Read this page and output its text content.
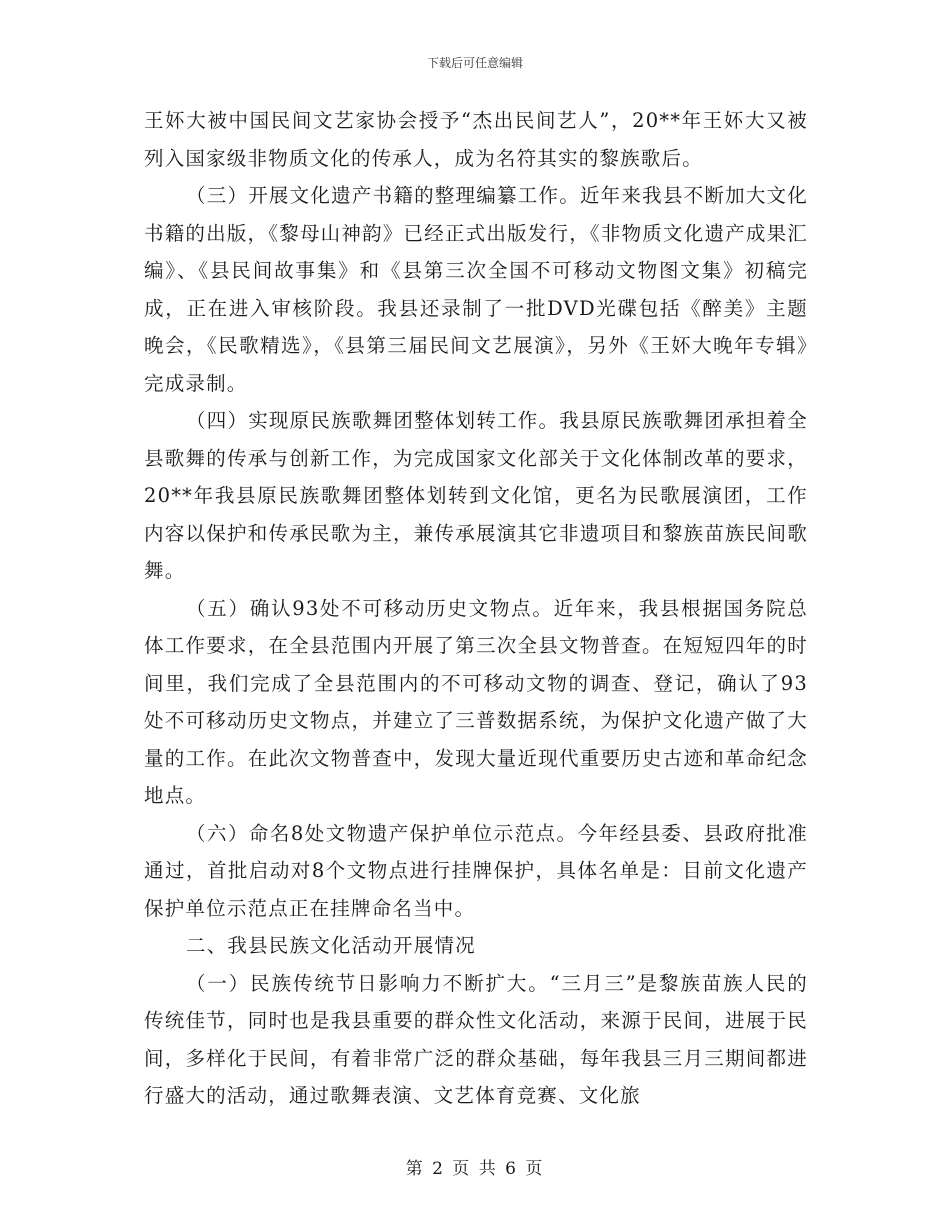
下载后可任意编辑

王妚大被中国民间文艺家协会授予“杰出民间艺人”，20**年王妚大又被列入国家级非物质文化的传承人，成为名符其实的黎族歌后。

（三）开展文化遗产书籍的整理编纂工作。近年来我县不断加大文化书籍的出版，《黎母山神韵》已经正式出版发行，《非物质文化遗产成果汇编》、《县民间故事集》和《县第三次全国不可移动文物图文集》初稿完成，正在进入审核阶段。我县还录制了一批DVD光碟包括《醉美》主题晚会，《民歌精选》，《县第三届民间文艺展演》，另外《王妚大晚年专辑》完成录制。

（四）实现原民族歌舞团整体划转工作。我县原民族歌舞团承担着全县歌舞的传承与创新工作，为完成国家文化部关于文化体制改革的要求，20**年我县原民族歌舞团整体划转到文化馆，更名为民歌展演团，工作内容以保护和传承民歌为主，兼传承展演其它非遗项目和黎族苗族民间歌舞。

（五）确认93处不可移动历史文物点。近年来，我县根据国务院总体工作要求，在全县范围内开展了第三次全县文物普查。在短短四年的时间里，我们完成了全县范围内的不可移动文物的调查、登记，确认了93处不可移动历史文物点，并建立了三普数据系统，为保护文化遗产做了大量的工作。在此次文物普查中，发现大量近现代重要历史古迹和革命纪念地点。

（六）命名8处文物遗产保护单位示范点。今年经县委、县政府批准通过，首批启动对8个文物点进行挂牌保护，具体名单是：目前文化遗产保护单位示范点正在挂牌命名当中。

二、我县民族文化活动开展情况

（一）民族传统节日影响力不断扩大。“三月三”是黎族苗族人民的传统佳节，同时也是我县重要的群众性文化活动，来源于民间，进展于民间，多样化于民间，有着非常广泛的群众基础，每年我县三月三期间都进行盛大的活动，通过歌舞表演、文艺体育竞赛、文化旅

第 2 页 共 6 页
